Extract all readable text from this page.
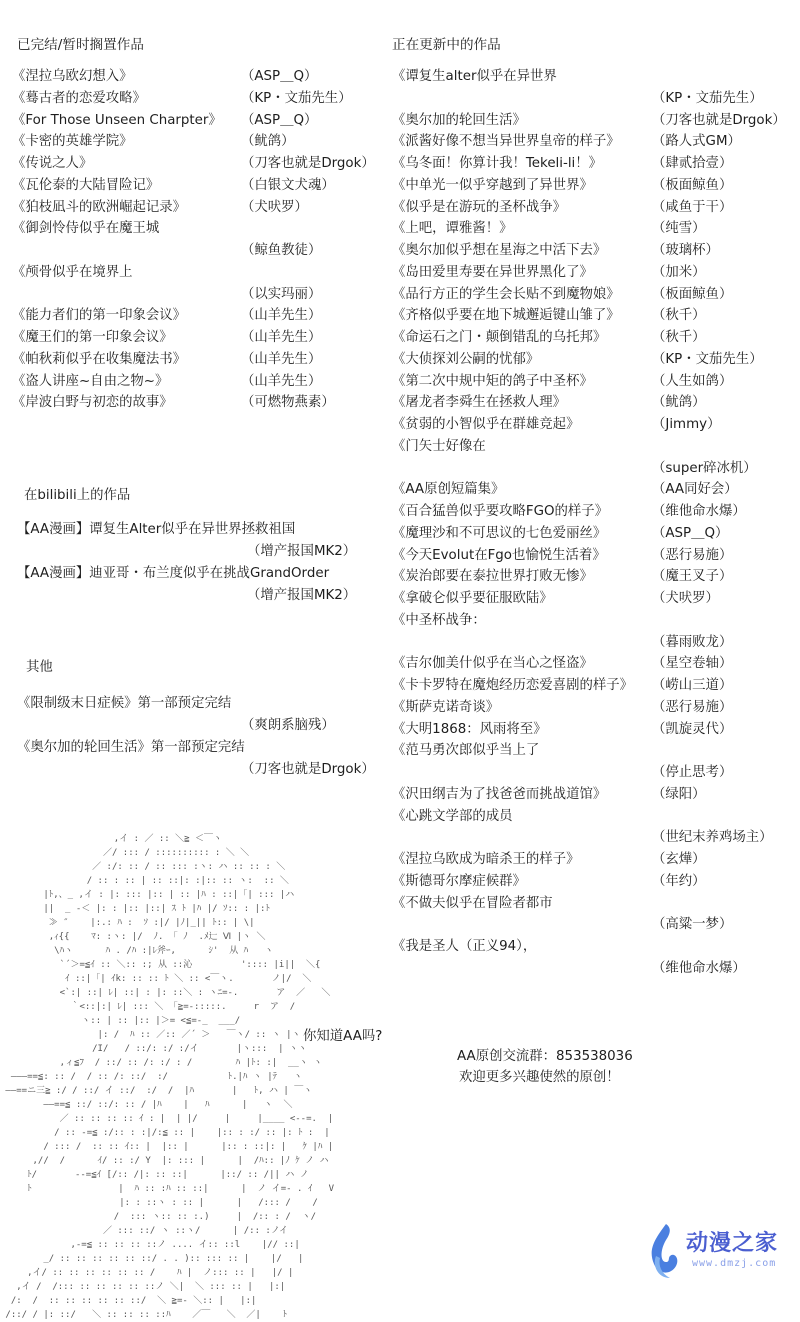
已完结/暂时搁置作品	正在更新中的作品
《涅拉乌欧幻想入》	（ASP＿Q）
《蓦古者的恋爱攻略》	（KP・文茄先生）
《For Those Unseen Charpter》 （ASP＿Q）
《卡密的英雄学院》	（鱿鸽）
《传说之人》	（刀客也就是Drgok）
《瓦伦泰的大陆冒险记》	（白银文犬魂）
《狛枝凪斗的欧洲崛起记录》	（犬吠罗）
《御剑怜侍似乎在魔王城
（鲸鱼教徒）
《颅骨似乎在境界上
（以实玛丽）
《能力者们的第一印象会议》	（山羊先生）
《魔王们的第一印象会议》	（山羊先生）
《帕秋莉似乎在收集魔法书》	（山羊先生）
《盗人讲座~自由之物~》	（山羊先生）
《岸波白野与初恋的故事》	（可燃物燕素）
《谭复生alter似乎在异世界
（KP・文茄先生）
《奥尔加的轮回生活》	（刀客也就是Drgok）
《派酱好像不想当异世界皇帝的样子》 （路人式GM）
《乌冬面！你算计我！Tekeli-li！》	（肆贰拾壹）
《中单光一似乎穿越到了异世界》	（板面鲸鱼）
《似乎是在游玩的圣杯战争》	（咸鱼于干）
《上吧，谭雅酱！》	（纯雪）
《奥尔加似乎想在星海之中活下去》	（玻璃杯）
《岛田爱里寿要在异世界黑化了》	（加米）
《品行方正的学生会长贴不到魔物娘》 （板面鲸鱼）
《齐格似乎要在地下城邂逅键山雏了》 （秋千）
《命运石之门・颠倒错乱的乌托邦》	（秋千）
《大侦探刘公嗣的忧郁》	（KP・文茄先生）
《第二次中规中矩的鸽子中圣杯》	（人生如鸽）
《屠龙者李舜生在拯救人理》	（鱿鸽）
《贫弱的小智似乎在群雄竞起》	（Jimmy）
《门矢士好像在
（super碎冰机）
《AA原创短篇集》	（AA同好会）
《百合猛兽似乎要攻略FGO的样子》	（维他命水爆）
《魔理沙和不可思议的七色爱丽丝》	（ASP＿Q）
《今天Evolut在Fgo也愉悦生活着》	（恶行易施）
《炭治郎要在泰拉世界打败无惨》	（魔王叉子）
《拿破仑似乎要征服欧陆》	（犬吠罗）
《中圣杯战争：
（暮雨败龙）
《吉尔伽美什似乎在当心之怪盗》	（星空卷轴）
《卡卡罗特在魔炮经历恋爱喜剧的样子》 （崂山三道）
《斯萨克诺奇谈》	（恶行易施）
《大明1868：风雨将至》	（凯旋灵代）
《范马勇次郎似乎当上了
（停止思考）
《沢田纲吉为了找爸爸而挑战道馆》	（绿阳）
《心跳文学部的成员
（世纪末养鸡场主）
《涅拉乌欧成为暗杀王的样子》	（玄燁）
《斯德哥尔摩症候群》	（年约）
《不做夫似乎在冒险者都市
（高粱一梦）
《我是圣人（正义94），
（维他命水爆）
在bilibili上的作品
【AA漫画】谭复生Alter似乎在异世界拯救祖国
（增产报国MK2）
【AA漫画】迪亚哥・布兰度似乎在挑战GrandOrder
（增产报国MK2）
其他
《限制级末日症候》第一部预定完结
（爽朗系脑残）
《奥尔加的轮回生活》第一部预定完结
（刀客也就是Drgok）
,イ : ／ :: ＼≧ ＜￣ヽ
／/ ::: / :::::::::: : ＼ ＼
／ :/: :: / :: ::: :ヽ: ハ :: :: : ＼
/ :: : :: | :: ::|: :|:: :: ヽ:  :: ＼
|ﾄ,、_ ,イ : |: ::: |:: | :: |ﾊ : ::|「| ::: |ハ
||  _ -＜ |: : |:: |::| ｽ ﾄ |ﾊ |/ ｿ:: : |:ﾄ
≫ ″    |:.: ﾊ :  ｿ :|/ |ﾉ|_|| ﾄ:: | \|
,ｨ{{    ﾏ: :ヽ: |/  ﾉ. 「 ﾉ  .ﾒ辷 Ⅵ |ヽ ＼
\ﾊヽ      ﾊ . /ﾊ :|ﾚ斧ｰ,      ｼ'  从 ﾊ   ヽ
`´＞=≦ｲ :: ＼:: :; 从 ::沁         ':::: |i||  ＼{
ｲ ::|「| ｲk: :: :: ﾄ ＼ :: <￣ヽ.       ノ|/  ＼
<`:| ::| ﾚ| ::| : |: ::＼ : ヽﾆ=-.       ア  ／   ＼
｀<::|:| ﾚ| ::: ＼ 「≧=-:::::.     r  ア  /
ヽ:: | :: |:: |＞= <≦=-_  ___/
|: /  ﾊ :: ／:: ／´ ＞   ￣ヽ/ :: ヽ |ヽ
/I/   / ::/: :/ :/イ       |ヽ:::  | ヽヽ
,ィ≦ﾌ  / ::/ :: /: :/ : /        ﾊ |ﾄ: :|  __ヽ ヽ
―――==≦: :: /  / :: /: ::/  :/           ﾄ.|ﾊ ヽ |ﾃ   ヽ
――==ニ三≧ :/ / ::/ イ ::/  :/  /  |ﾊ       |   ﾄ, ハ | ￣ヽ
――==≦ ::/ ::/: :: / |ﾊ    |   ﾊ      |   ヽ  ＼
／ :: :: :: :: ｲ : |  | |/     |     |____ <--=.  |
/ :: -=≦ :/:: : :|/:≦ :: |    |:: : :/ :: |: ﾄ :  |
/ ::: /  :: :: ｲ:: |  |:: |      |:: : ::|: |   ｹ |ﾊ |
,//  /      ｲ/ :: :/ Y  |: ::: |      |  /ﾊ:: |ﾉ ｹ ノ ハ
ﾄ/       --=≦ｲ [/:: /|: :: ::|      |::/ :: /|| ハ ノ
ﾄ                |  ﾊ :: :ﾊ :: ::|      |  ノ イ=- . ｲ   V
|: : ::ヽ : :: |      |   /::: /    /
/  ::: ヽ:: :: :.)     |  /:: : /  ヽ/
／ ::: ::/ ヽ ::ヽ/      | /:: :ノイ
,-=≦ :: :: :: ::ノ .... イ:: ::l    |// ::|
_/ :: :: :: :: :: ::/ . . ):: ::: :: |    |/   |
,イ/ :: :: :: :: :: :: /    ﾊ |  ノ::: :: |   |/ |
,イ /  /::: :: :: :: :: ::ノ ＼|  ＼ ::: :: |   |:|
/:  /  :: :: :: :: :: ::/  ＼ ≧=- ＼:: |   |:|
/::/ / |: ::/   ＼ :: :: :: ::ﾊ    ／￣   ＼  ／|    ﾄ
你知道AA吗?
AA原创交流群：853538036
欢迎更多兴趣使然的原创！
动漫之家
www.dmzj.com
